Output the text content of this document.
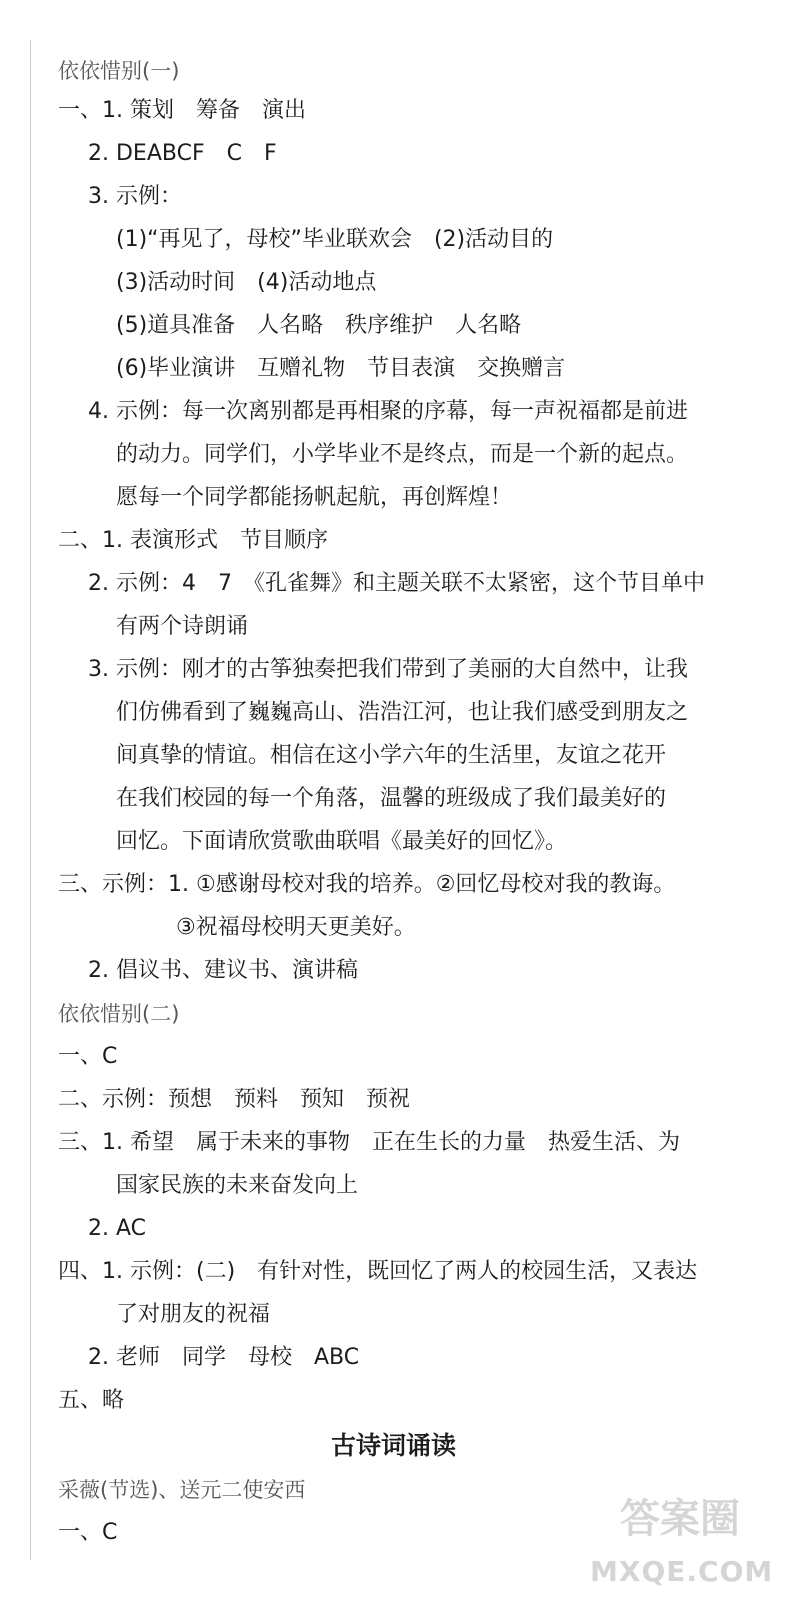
依依惜别(一)
一、1. 策划　筹备　演出
2. DEABCF　C　F
3. 示例：
(1)“再见了，母校”毕业联欢会　(2)活动目的
(3)活动时间　(4)活动地点
(5)道具准备　人名略　秩序维护　人名略
(6)毕业演讲　互赠礼物　节目表演　交换赠言
4. 示例：每一次离别都是再相聚的序幕，每一声祝福都是前进
的动力。同学们，小学毕业不是终点，而是一个新的起点。
愿每一个同学都能扬帆起航，再创辉煌！
二、1. 表演形式　节目顺序
2. 示例：4　7　《孔雀舞》和主题关联不太紧密，这个节目单中
有两个诗朗诵
3. 示例：刚才的古筝独奏把我们带到了美丽的大自然中，让我
们仿佛看到了巍巍高山、浩浩江河，也让我们感受到朋友之
间真挚的情谊。相信在这小学六年的生活里，友谊之花开
在我们校园的每一个角落，温馨的班级成了我们最美好的
回忆。下面请欣赏歌曲联唱《最美好的回忆》。
三、示例：1. ①感谢母校对我的培养。②回忆母校对我的教诲。
③祝福母校明天更美好。
2. 倡议书、建议书、演讲稿
依依惜别(二)
一、C
二、示例：预想　预料　预知　预祝
三、1. 希望　属于未来的事物　正在生长的力量　热爱生活、为
国家民族的未来奋发向上
2. AC
四、1. 示例：(二)　有针对性，既回忆了两人的校园生活，又表达
了对朋友的祝福
2. 老师　同学　母校　ABC
五、略
古诗词诵读
采薇(节选)、送元二使安西
一、C	答案圈
MXQE.COM
